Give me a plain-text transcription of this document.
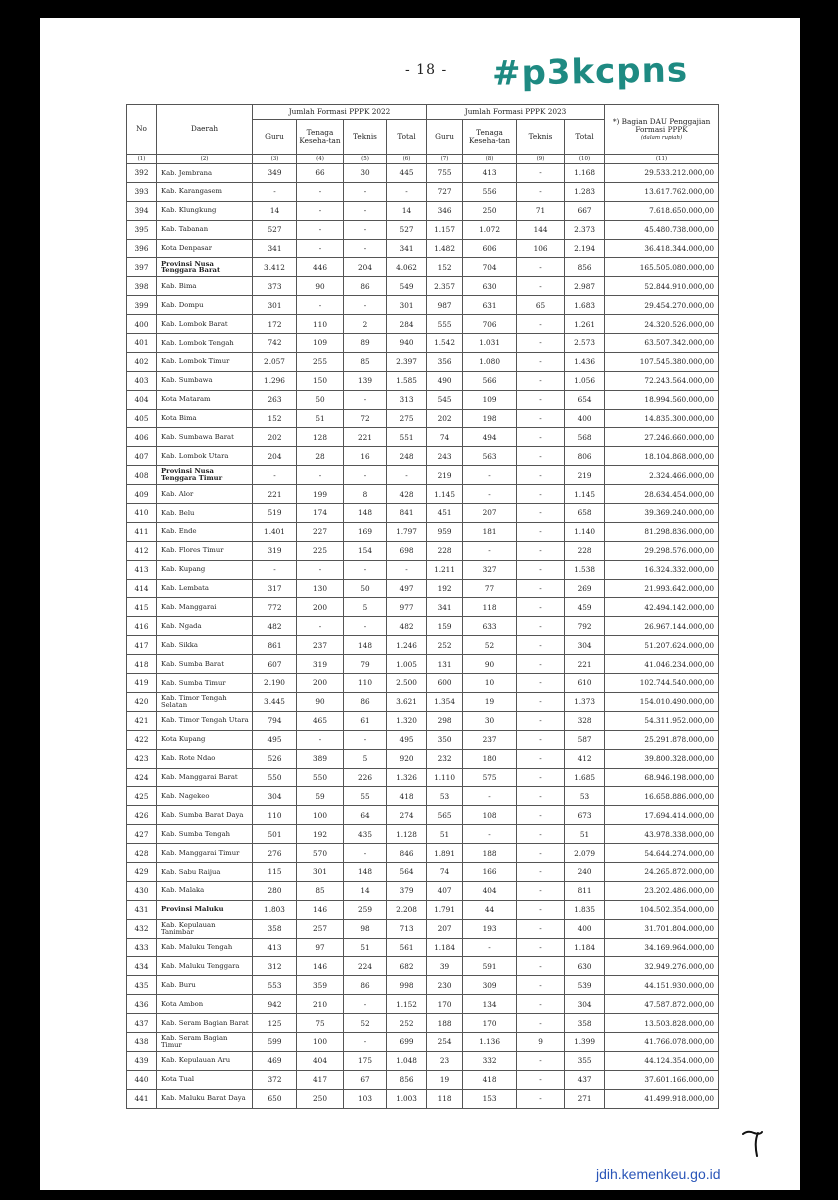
- 18 - #p3kcpns
No	Daerah	Jumlah Formasi PPPK 2022				Jumlah Formasi PPPK 2023				*) Bagian DAU Penggajian Formasi PPPK
(dalam rupiah)

		Guru	Tenaga Keseha-tan	Teknis	Total	Guru	Tenaga Keseha-tan	Teknis	Total	
(1)	(2)	(3)	(4)	(5)	(6)	(7)	(8)	(9)	(10)	(11)
392	Kab. Jembrana	349	66	30	445	755	413	-	1.168	29.533.212.000,00
393	Kab. Karangasem	-	-	-	-	727	556	-	1.283	13.617.762.000,00
394	Kab. Klungkung	14	-	-	14	346	250	71	667	7.618.650.000,00
395	Kab. Tabanan	527	-	-	527	1.157	1.072	144	2.373	45.480.738.000,00
396	Kota Denpasar	341	-	-	341	1.482	606	106	2.194	36.418.344.000,00
397	Provinsi Nusa Tenggara Barat	3.412	446	204	4.062	152	704	-	856	165.505.080.000,00
398	Kab. Bima	373	90	86	549	2.357	630	-	2.987	52.844.910.000,00
399	Kab. Dompu	301	-	-	301	987	631	65	1.683	29.454.270.000,00
400	Kab. Lombok Barat	172	110	2	284	555	706	-	1.261	24.320.526.000,00
401	Kab. Lombok Tengah	742	109	89	940	1.542	1.031	-	2.573	63.507.342.000,00
402	Kab. Lombok Timur	2.057	255	85	2.397	356	1.080	-	1.436	107.545.380.000,00
403	Kab. Sumbawa	1.296	150	139	1.585	490	566	-	1.056	72.243.564.000,00
404	Kota Mataram	263	50	-	313	545	109	-	654	18.994.560.000,00
405	Kota Bima	152	51	72	275	202	198	-	400	14.835.300.000,00
406	Kab. Sumbawa Barat	202	128	221	551	74	494	-	568	27.246.660.000,00
407	Kab. Lombok Utara	204	28	16	248	243	563	-	806	18.104.868.000,00
408	Provinsi Nusa Tenggara Timur	-	-	-	-	219	-	-	219	2.324.466.000,00
409	Kab. Alor	221	199	8	428	1.145	-	-	1.145	28.634.454.000,00
410	Kab. Belu	519	174	148	841	451	207	-	658	39.369.240.000,00
411	Kab. Ende	1.401	227	169	1.797	959	181	-	1.140	81.298.836.000,00
412	Kab. Flores Timur	319	225	154	698	228	-	-	228	29.298.576.000,00
413	Kab. Kupang	-	-	-	-	1.211	327	-	1.538	16.324.332.000,00
414	Kab. Lembata	317	130	50	497	192	77	-	269	21.993.642.000,00
415	Kab. Manggarai	772	200	5	977	341	118	-	459	42.494.142.000,00
416	Kab. Ngada	482	-	-	482	159	633	-	792	26.967.144.000,00
417	Kab. Sikka	861	237	148	1.246	252	52	-	304	51.207.624.000,00
418	Kab. Sumba Barat	607	319	79	1.005	131	90	-	221	41.046.234.000,00
419	Kab. Sumba Timur	2.190	200	110	2.500	600	10	-	610	102.744.540.000,00
420	Kab. Timor Tengah Selatan	3.445	90	86	3.621	1.354	19	-	1.373	154.010.490.000,00
421	Kab. Timor Tengah Utara	794	465	61	1.320	298	30	-	328	54.311.952.000,00
422	Kota Kupang	495	-	-	495	350	237	-	587	25.291.878.000,00
423	Kab. Rote Ndao	526	389	5	920	232	180	-	412	39.800.328.000,00
424	Kab. Manggarai Barat	550	550	226	1.326	1.110	575	-	1.685	68.946.198.000,00
425	Kab. Nagekeo	304	59	55	418	53	-	-	53	16.658.886.000,00
426	Kab. Sumba Barat Daya	110	100	64	274	565	108	-	673	17.694.414.000,00
427	Kab. Sumba Tengah	501	192	435	1.128	51	-	-	51	43.978.338.000,00
428	Kab. Manggarai Timur	276	570	-	846	1.891	188	-	2.079	54.644.274.000,00
429	Kab. Sabu Raijua	115	301	148	564	74	166	-	240	24.265.872.000,00
430	Kab. Malaka	280	85	14	379	407	404	-	811	23.202.486.000,00
431	Provinsi Maluku	1.803	146	259	2.208	1.791	44	-	1.835	104.502.354.000,00
432	Kab. Kepulauan Tanimbar	358	257	98	713	207	193	-	400	31.701.804.000,00
433	Kab. Maluku Tengah	413	97	51	561	1.184	-	-	1.184	34.169.964.000,00
434	Kab. Maluku Tenggara	312	146	224	682	39	591	-	630	32.949.276.000,00
435	Kab. Buru	553	359	86	998	230	309	-	539	44.151.930.000,00
436	Kota Ambon	942	210	-	1.152	170	134	-	304	47.587.872.000,00
437	Kab. Seram Bagian Barat	125	75	52	252	188	170	-	358	13.503.828.000,00
438	Kab. Seram Bagian Timur	599	100	-	699	254	1.136	9	1.399	41.766.078.000,00
439	Kab. Kepulauan Aru	469	404	175	1.048	23	332	-	355	44.124.354.000,00
440	Kota Tual	372	417	67	856	19	418	-	437	37.601.166.000,00
441	Kab. Maluku Barat Daya	650	250	103	1.003	118	153	-	271	41.499.918.000,00
jdih.kemenkeu.go.id
